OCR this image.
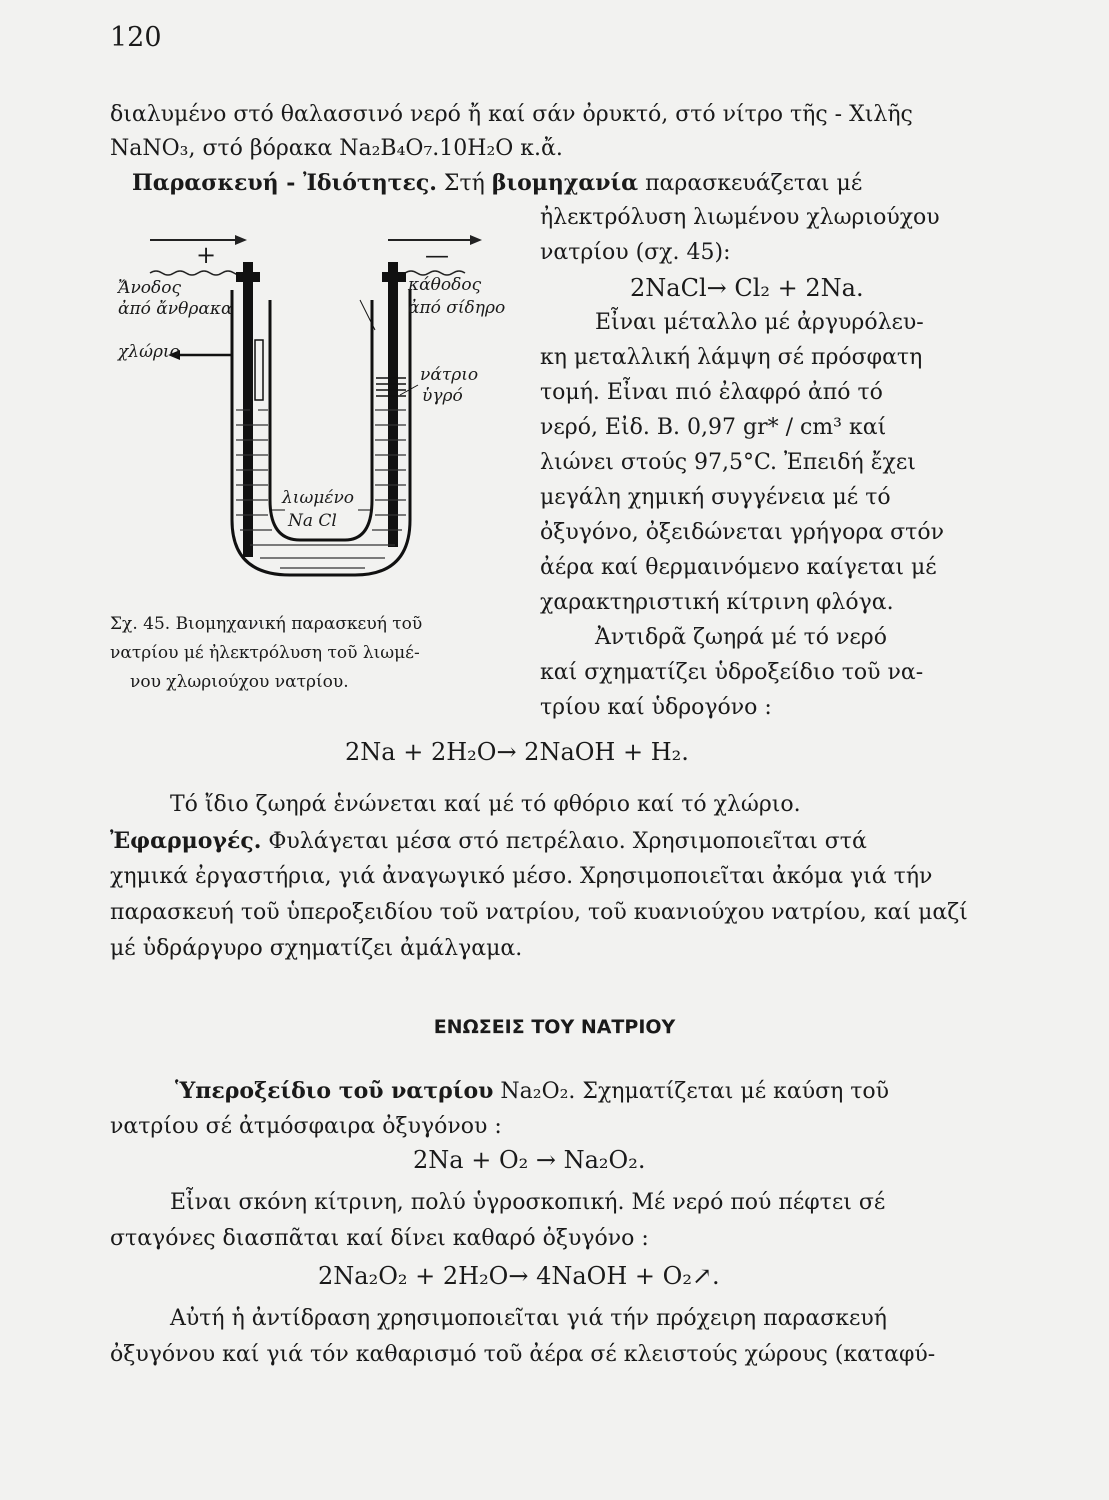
120
διαλυμένο στό θαλασσινό νερό ἤ καί σάν ὀρυκτό, στό νίτρο τῆς - Χιλῆς
NaNO₃, στό βόρακα Na₂B₄O₇.10H₂O κ.ἄ.
Παρασκευή - Ἰδιότητες. Στή βιομηχανία παρασκευάζεται μέ
ἠλεκτρόλυση λιωμένου χλωριούχου
νατρίου (σχ. 45):
2NaCl→ Cl₂ + 2Na.
Εἶναι μέταλλο μέ ἀργυρόλευ-
κη μεταλλική λάμψη σέ πρόσφατη
τομή. Εἶναι πιό ἐλαφρό ἀπό τό
νερό, Εἰδ. Β. 0,97 gr* / cm³ καί
λιώνει στούς 97,5°C. Ἐπειδή ἔχει
μεγάλη χημική συγγένεια μέ τό
ὀξυγόνο, ὀξειδώνεται γρήγορα στόν
ἀέρα καί θερμαινόμενο καίγεται μέ
χαρακτηριστική κίτρινη φλόγα.
Ἀντιδρᾶ ζωηρά μέ τό νερό
καί σχηματίζει ὑδροξείδιο τοῦ να-
τρίου καί ὑδρογόνο :
+	—
Ἄνοδος
ἀπό ἄνθρακα
κάθοδος
ἀπό σίδηρο
χλώριο
νάτριο
ὑγρό
λιωμένο
Na Cl
Σχ. 45. Βιομηχανική παρασκευή τοῦ
νατρίου μέ ἠλεκτρόλυση τοῦ λιωμέ-
νου χλωριούχου νατρίου.
2Na + 2H₂O→ 2NaOH + H₂.
Τό ἴδιο ζωηρά ἑνώνεται καί μέ τό φθόριο καί τό χλώριο.
Ἐφαρμογές. Φυλάγεται μέσα στό πετρέλαιο. Χρησιμοποιεῖται στά
χημικά ἐργαστήρια, γιά ἀναγωγικό μέσο. Χρησιμοποιεῖται ἀκόμα γιά τήν
παρασκευή τοῦ ὑπεροξειδίου τοῦ νατρίου, τοῦ κυανιούχου νατρίου, καί μαζί
μέ ὑδράργυρο σχηματίζει ἀμάλγαμα.
ΕΝΩΣΕΙΣ ΤΟΥ ΝΑΤΡΙΟΥ
Ὑπεροξείδιο τοῦ νατρίου Na₂O₂. Σχηματίζεται μέ καύση τοῦ
νατρίου σέ ἀτμόσφαιρα ὀξυγόνου :
2Na + O₂ → Na₂O₂.
Εἶναι σκόνη κίτρινη, πολύ ὑγροσκοπική. Μέ νερό πού πέφτει σέ
σταγόνες διασπᾶται καί δίνει καθαρό ὀξυγόνο :
2Na₂O₂ + 2H₂O→ 4NaOH + O₂↗.
Αὐτή ἡ ἀντίδραση χρησιμοποιεῖται γιά τήν πρόχειρη παρασκευή
ὀξυγόνου καί γιά τόν καθαρισμό τοῦ ἀέρα σέ κλειστούς χώρους (καταφύ-
